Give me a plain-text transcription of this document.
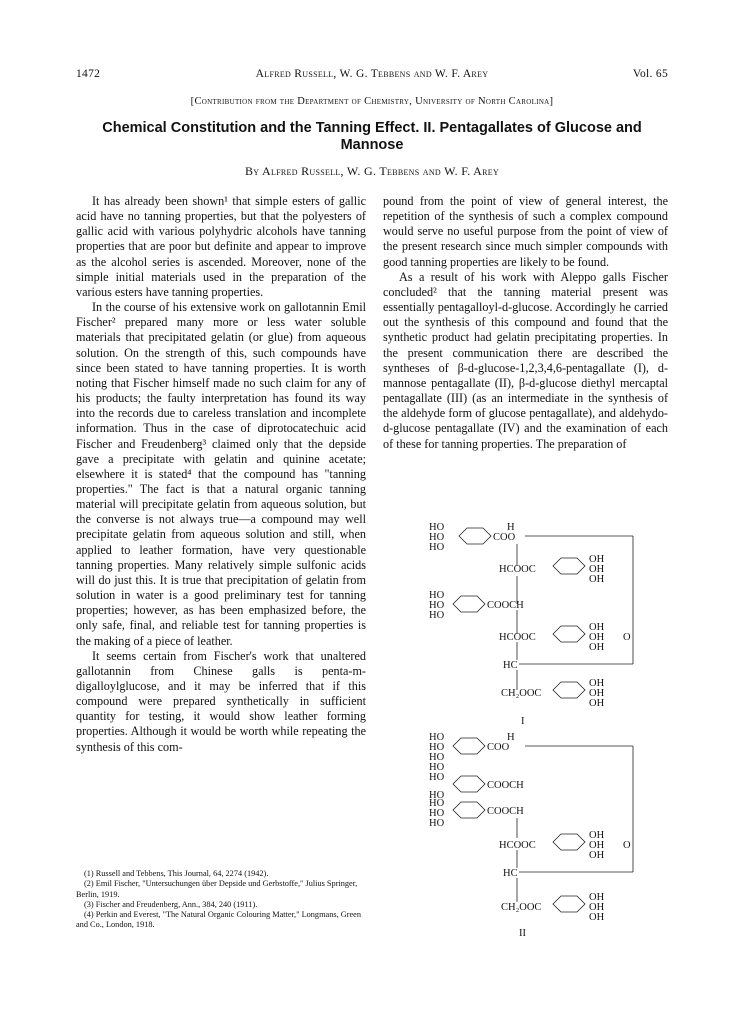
1472	Alfred Russell, W. G. Tebbens and W. F. Arey	Vol. 65
[Contribution from the Department of Chemistry, University of North Carolina]
Chemical Constitution and the Tanning Effect. II. Pentagallates of Glucose and
Mannose
By Alfred Russell, W. G. Tebbens and W. F. Arey

It has already been shown¹ that simple esters of gallic acid have no tanning properties, but that the polyesters of gallic acid with various polyhydric alcohols have tanning properties that are poor but definite and appear to improve as the alcohol series is ascended. Moreover, none of the simple initial materials used in the preparation of the various esters have tanning properties.

In the course of his extensive work on gallotannin Emil Fischer² prepared many more or less water soluble materials that precipitated gelatin (or glue) from aqueous solution. On the strength of this, such compounds have since been stated to have tanning properties. It is worth noting that Fischer himself made no such claim for any of his products; the faulty interpretation has found its way into the records due to careless translation and incomplete information. Thus in the case of diprotocatechuic acid Fischer and Freudenberg³ claimed only that the depside gave a precipitate with gelatin and quinine acetate; elsewhere it is stated⁴ that the compound has "tanning properties." The fact is that a natural organic tanning material will precipitate gelatin from aqueous solution, but the converse is not always true—a compound may well precipitate gelatin from aqueous solution and still, when applied to leather formation, have very questionable tanning properties. Many relatively simple sulfonic acids will do just this. It is true that precipitation of gelatin from solution in water is a good preliminary test for tanning properties; however, as has been emphasized before, the only safe, final, and reliable test for tanning properties is the making of a piece of leather.

It seems certain from Fischer's work that unaltered gallotannin from Chinese galls is penta-m-digalloylglucose, and it may be inferred that if this compound were prepared synthetically in sufficient quantity for testing, it would show leather forming properties. Although it would be worth while repeating the synthesis of this com-

(1) Russell and Tebbens, This Journal, 64, 2274 (1942).
(2) Emil Fischer, "Untersuchungen über Depside und Gerbstoffe," Julius Springer, Berlin, 1919.
(3) Fischer and Freudenberg, Ann., 384, 240 (1911).
(4) Perkin and Everest, "The Natural Organic Colouring Matter," Longmans, Green and Co., London, 1918.

pound from the point of view of general interest, the repetition of the synthesis of such a complex compound would serve no useful purpose from the point of view of the present research since much simpler compounds with good tanning properties are likely to be found.

As a result of his work with Aleppo galls Fischer concluded² that the tanning material present was essentially pentagalloyl-d-glucose. Accordingly he carried out the synthesis of this compound and found that the synthetic product had gelatin precipitating properties. In the present communication there are described the syntheses of β-d-glucose-1,2,3,4,6-pentagallate (I), d-mannose pentagallate (II), β-d-glucose diethyl mercaptal pentagallate (III) (as an intermediate in the synthesis of the aldehyde form of glucose pentagallate), and aldehydo-d-glucose pentagallate (IV) and the examination of each of these for tanning properties. The preparation of

HO	H
HO	COO
HO
OH
HCOOC	OH
OH
HO
HO	COOCH
HO
OH
HCOOC	OH O
OH
HC
OH
CH₂OOC	OH
OH
I
HO	H
HO	COO
HO
HO
HO
COOCH
HO
HO
HO	COOCH
HO
OH
HCOOC	OH O
OH
HC
OH
CH₂OOC	OH
OH
II
